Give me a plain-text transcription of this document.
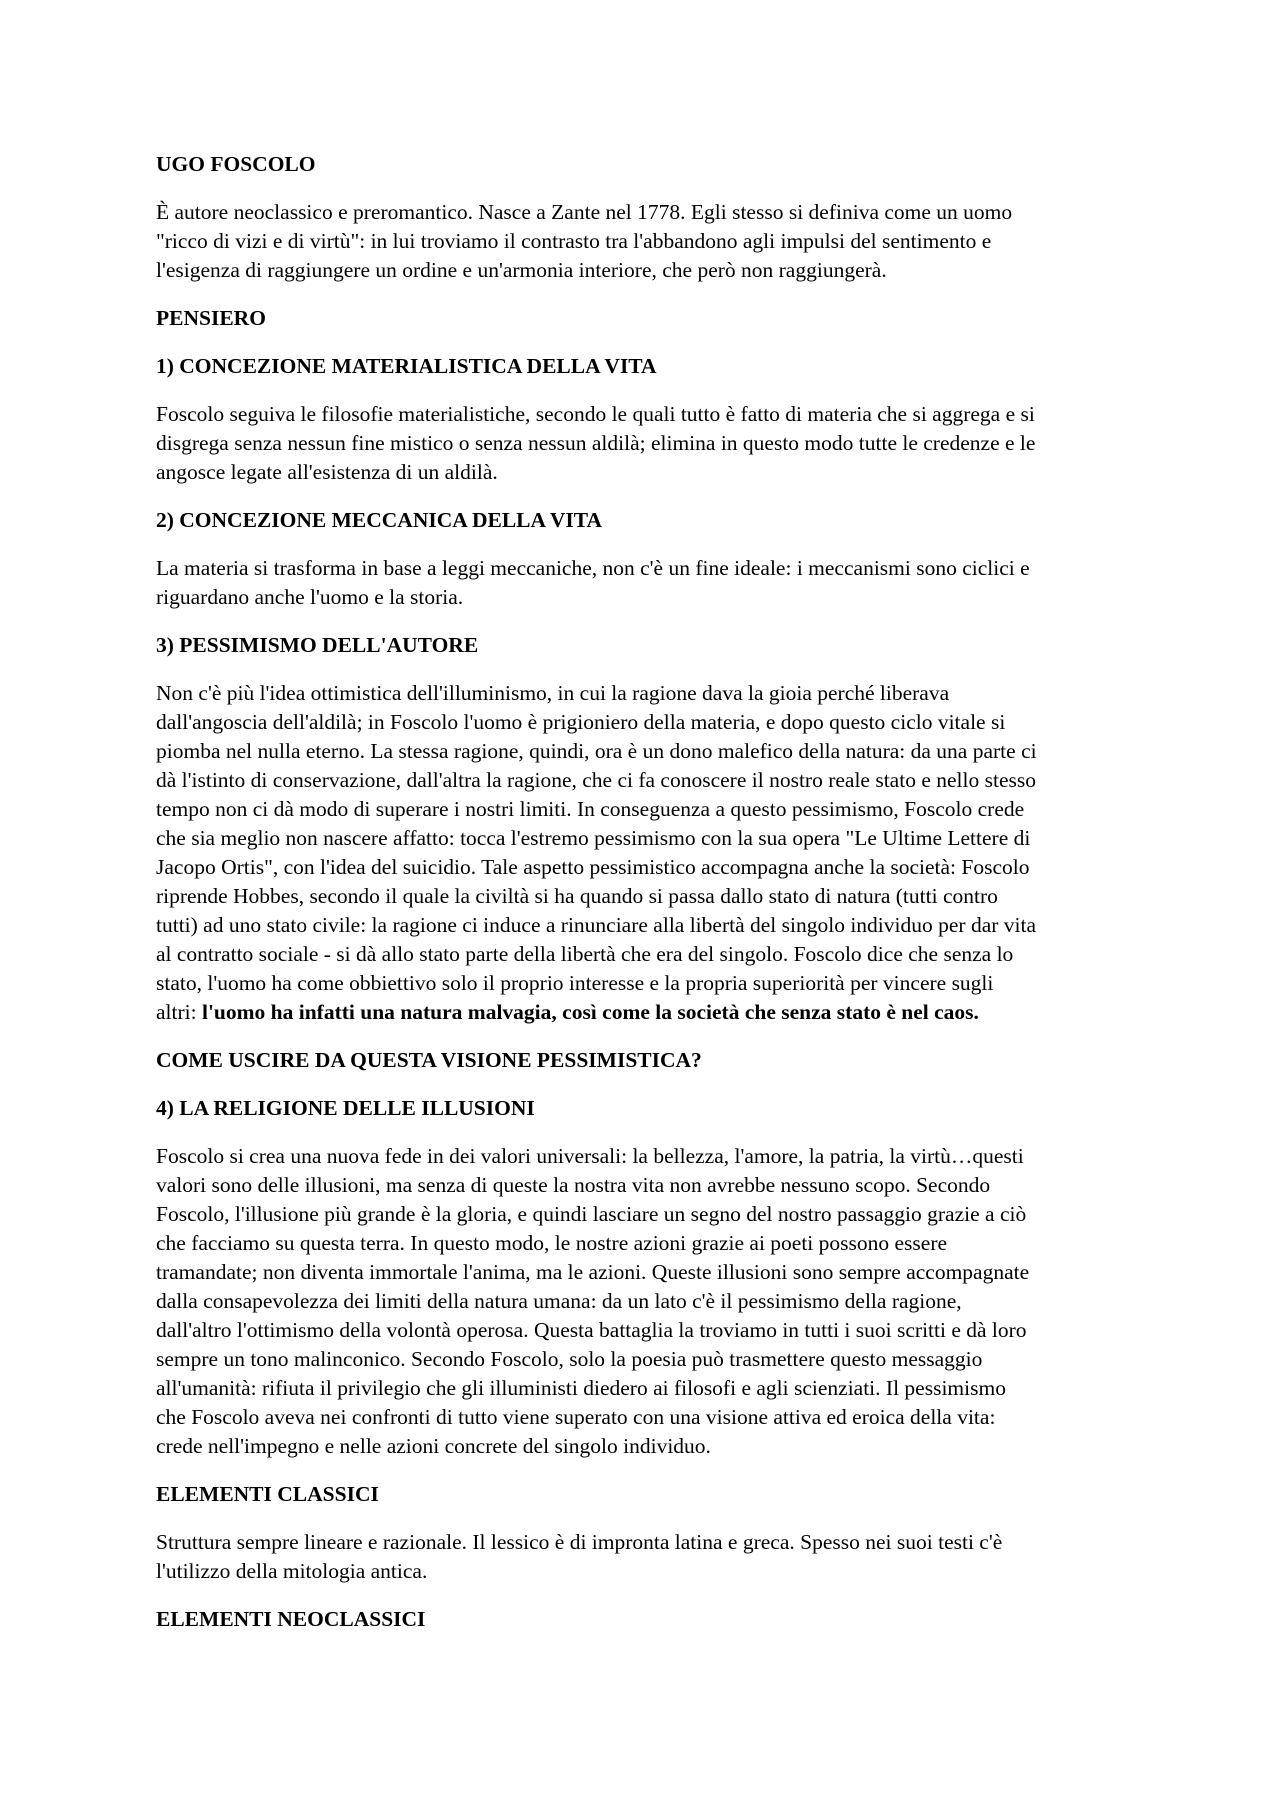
UGO FOSCOLO

È autore neoclassico e preromantico. Nasce a Zante nel 1778. Egli stesso si definiva come un uomo
"ricco di vizi e di virtù": in lui troviamo il contrasto tra l'abbandono agli impulsi del sentimento e
l'esigenza di raggiungere un ordine e un'armonia interiore, che però non raggiungerà.

PENSIERO
1) CONCEZIONE MATERIALISTICA DELLA VITA

Foscolo seguiva le filosofie materialistiche, secondo le quali tutto è fatto di materia che si aggrega e si
disgrega senza nessun fine mistico o senza nessun aldilà; elimina in questo modo tutte le credenze e le
angosce legate all'esistenza di un aldilà.

2) CONCEZIONE MECCANICA DELLA VITA

La materia si trasforma in base a leggi meccaniche, non c'è un fine ideale: i meccanismi sono ciclici e
riguardano anche l'uomo e la storia.

3) PESSIMISMO DELL'AUTORE

Non c'è più l'idea ottimistica dell'illuminismo, in cui la ragione dava la gioia perché liberava
dall'angoscia dell'aldilà; in Foscolo l'uomo è prigioniero della materia, e dopo questo ciclo vitale si
piomba nel nulla eterno. La stessa ragione, quindi, ora è un dono malefico della natura: da una parte ci
dà l'istinto di conservazione, dall'altra la ragione, che ci fa conoscere il nostro reale stato e nello stesso
tempo non ci dà modo di superare i nostri limiti. In conseguenza a questo pessimismo, Foscolo crede
che sia meglio non nascere affatto: tocca l'estremo pessimismo con la sua opera "Le Ultime Lettere di
Jacopo Ortis", con l'idea del suicidio. Tale aspetto pessimistico accompagna anche la società: Foscolo
riprende Hobbes, secondo il quale la civiltà si ha quando si passa dallo stato di natura (tutti contro
tutti) ad uno stato civile: la ragione ci induce a rinunciare alla libertà del singolo individuo per dar vita
al contratto sociale - si dà allo stato parte della libertà che era del singolo. Foscolo dice che senza lo
stato, l'uomo ha come obbiettivo solo il proprio interesse e la propria superiorità per vincere sugli
altri: l'uomo ha infatti una natura malvagia, così come la società che senza stato è nel caos.

COME USCIRE DA QUESTA VISIONE PESSIMISTICA?
4) LA RELIGIONE DELLE ILLUSIONI

Foscolo si crea una nuova fede in dei valori universali: la bellezza, l'amore, la patria, la virtù…questi
valori sono delle illusioni, ma senza di queste la nostra vita non avrebbe nessuno scopo. Secondo
Foscolo, l'illusione più grande è la gloria, e quindi lasciare un segno del nostro passaggio grazie a ciò
che facciamo su questa terra. In questo modo, le nostre azioni grazie ai poeti possono essere
tramandate; non diventa immortale l'anima, ma le azioni. Queste illusioni sono sempre accompagnate
dalla consapevolezza dei limiti della natura umana: da un lato c'è il pessimismo della ragione,
dall'altro l'ottimismo della volontà operosa. Questa battaglia la troviamo in tutti i suoi scritti e dà loro
sempre un tono malinconico. Secondo Foscolo, solo la poesia può trasmettere questo messaggio
all'umanità: rifiuta il privilegio che gli illuministi diedero ai filosofi e agli scienziati. Il pessimismo
che Foscolo aveva nei confronti di tutto viene superato con una visione attiva ed eroica della vita:
crede nell'impegno e nelle azioni concrete del singolo individuo.

ELEMENTI CLASSICI

Struttura sempre lineare e razionale. Il lessico è di impronta latina e greca. Spesso nei suoi testi c'è
l'utilizzo della mitologia antica.

ELEMENTI NEOCLASSICI
